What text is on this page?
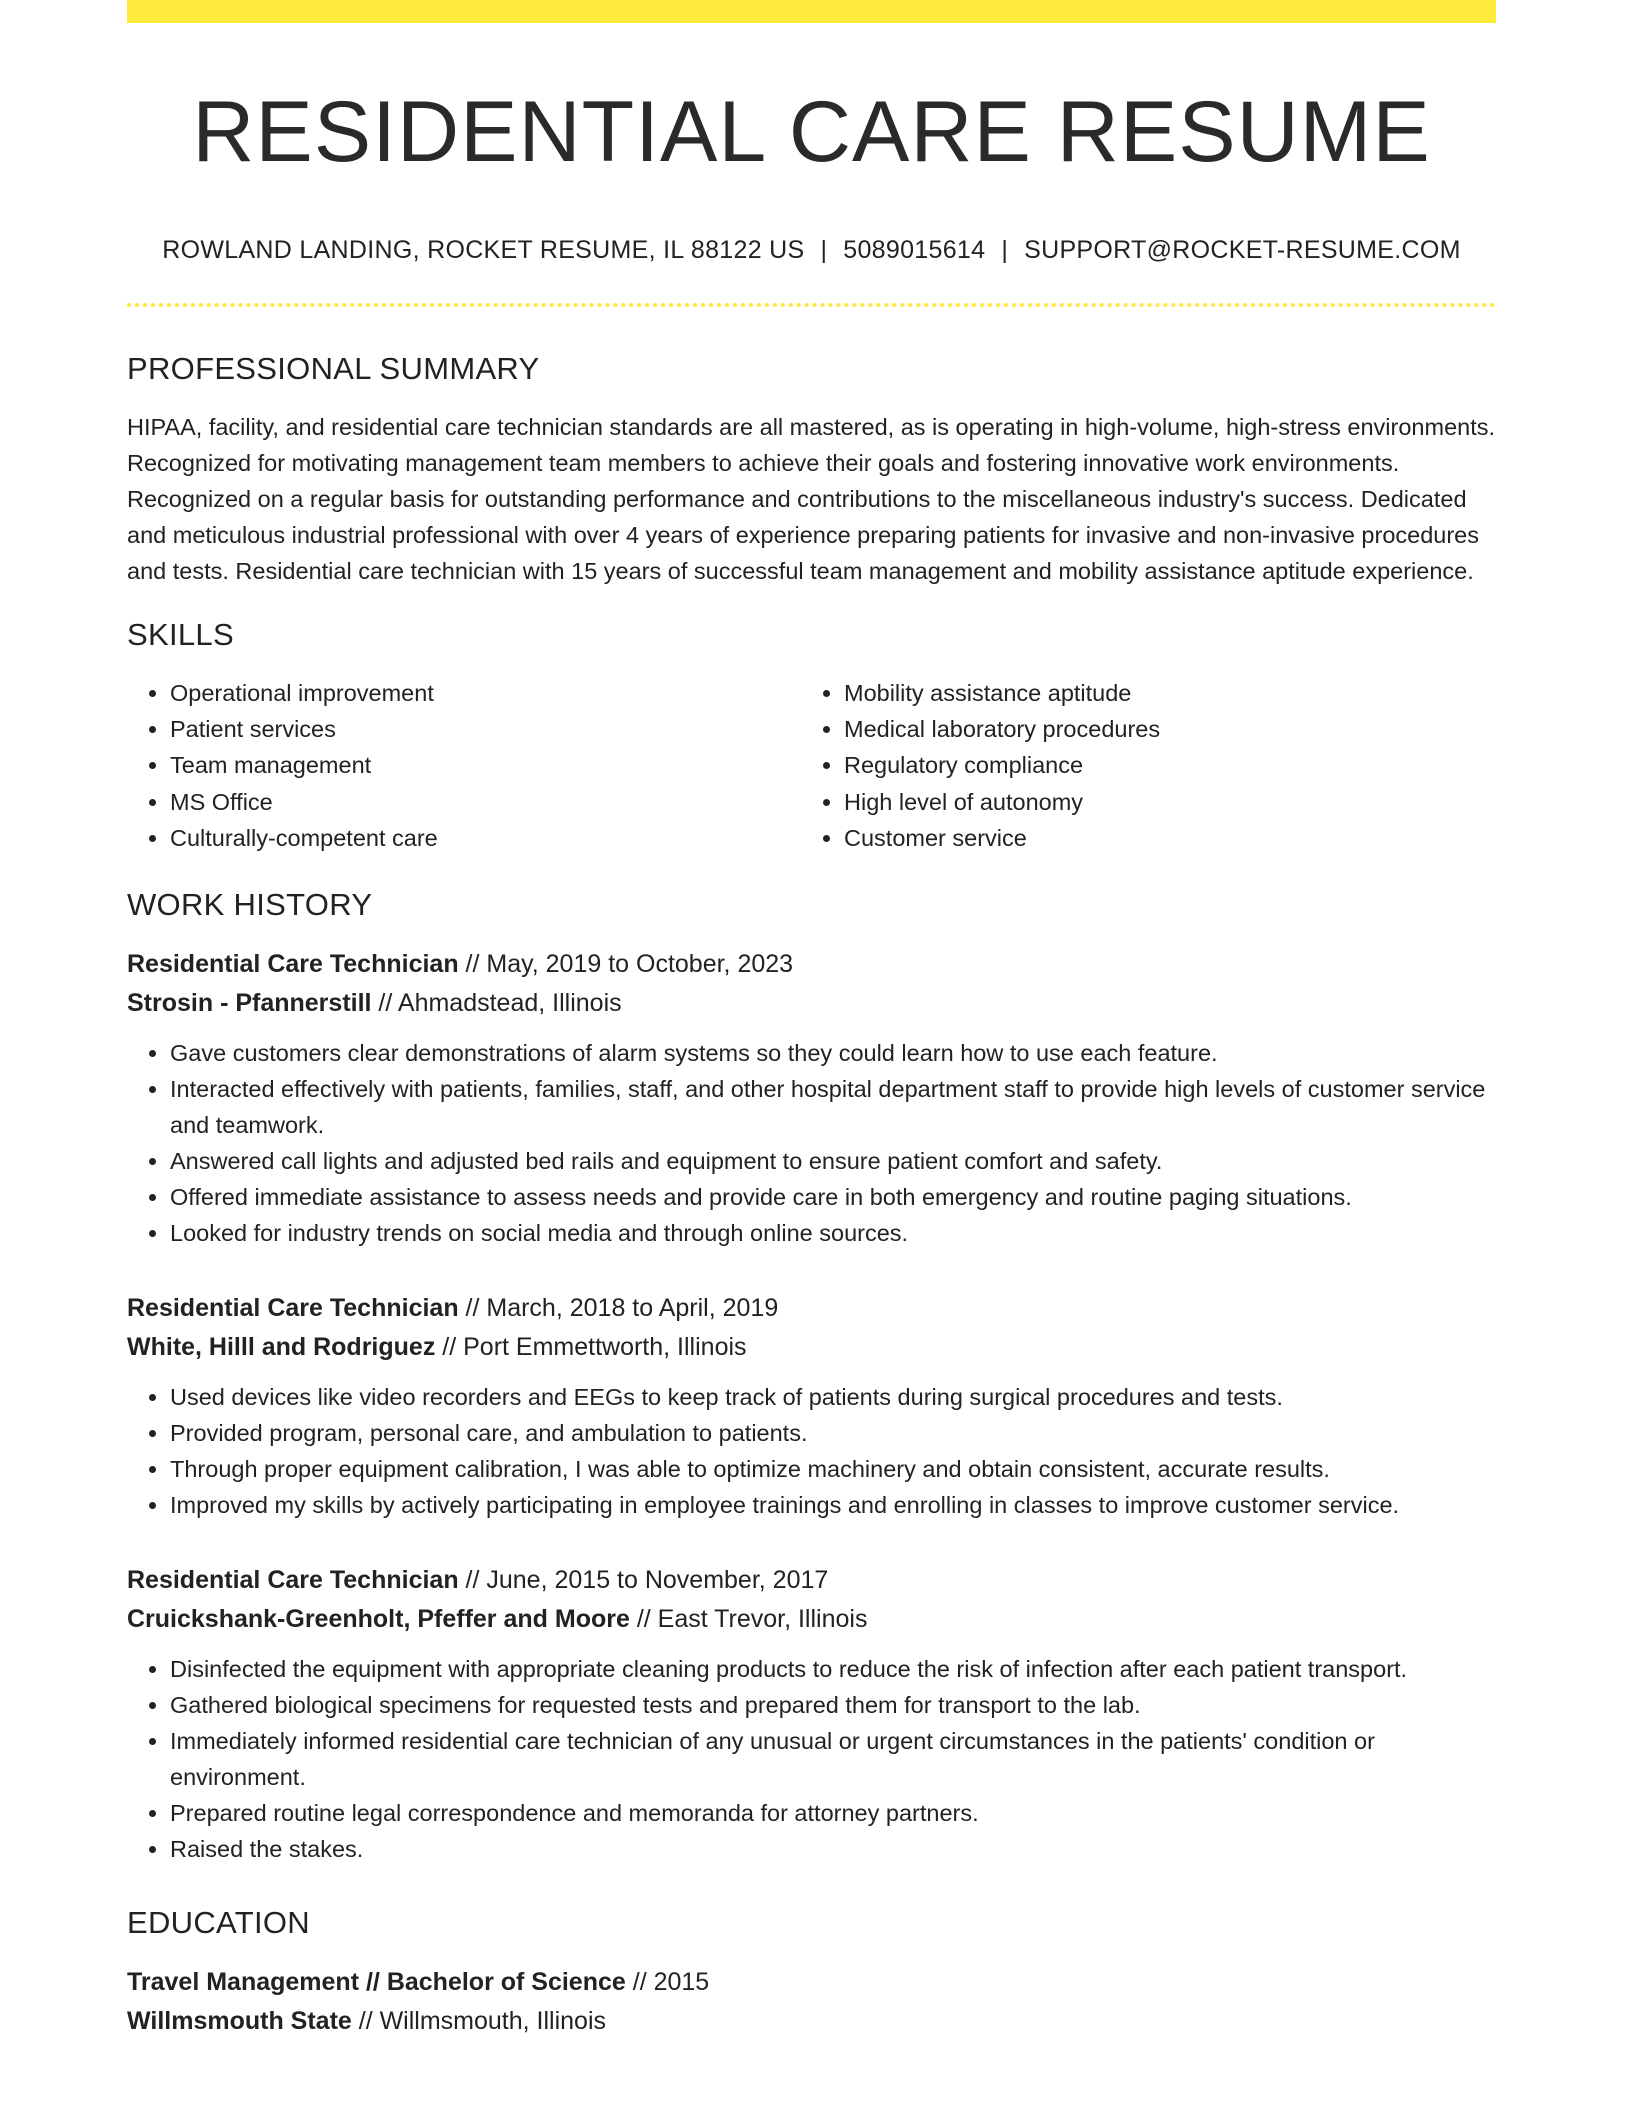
RESIDENTIAL CARE RESUME
ROWLAND LANDING, ROCKET RESUME, IL 88122 US | 5089015614 | SUPPORT@ROCKET-RESUME.COM
PROFESSIONAL SUMMARY

HIPAA, facility, and residential care technician standards are all mastered, as is operating in high-volume, high-stress environments. Recognized for motivating management team members to achieve their goals and fostering innovative work environments. Recognized on a regular basis for outstanding performance and contributions to the miscellaneous industry's success. Dedicated and meticulous industrial professional with over 4 years of experience preparing patients for invasive and non-invasive procedures and tests. Residential care technician with 15 years of successful team management and mobility assistance aptitude experience.

SKILLS
• Operational improvement
• Patient services
• Team management
• MS Office
• Culturally-competent care
• Mobility assistance aptitude
• Medical laboratory procedures
• Regulatory compliance
• High level of autonomy
• Customer service
WORK HISTORY
Residential Care Technician // May, 2019 to October, 2023
Strosin - Pfannerstill // Ahmadstead, Illinois
• Gave customers clear demonstrations of alarm systems so they could learn how to use each feature.
• Interacted effectively with patients, families, staff, and other hospital department staff to provide high levels of customer service and teamwork.
• Answered call lights and adjusted bed rails and equipment to ensure patient comfort and safety.
• Offered immediate assistance to assess needs and provide care in both emergency and routine paging situations.
• Looked for industry trends on social media and through online sources.
Residential Care Technician // March, 2018 to April, 2019
White, Hilll and Rodriguez // Port Emmettworth, Illinois
• Used devices like video recorders and EEGs to keep track of patients during surgical procedures and tests.
• Provided program, personal care, and ambulation to patients.
• Through proper equipment calibration, I was able to optimize machinery and obtain consistent, accurate results.
• Improved my skills by actively participating in employee trainings and enrolling in classes to improve customer service.
Residential Care Technician // June, 2015 to November, 2017
Cruickshank-Greenholt, Pfeffer and Moore // East Trevor, Illinois
• Disinfected the equipment with appropriate cleaning products to reduce the risk of infection after each patient transport.
• Gathered biological specimens for requested tests and prepared them for transport to the lab.
• Immediately informed residential care technician of any unusual or urgent circumstances in the patients' condition or environment.
• Prepared routine legal correspondence and memoranda for attorney partners.
• Raised the stakes.
EDUCATION
Travel Management // Bachelor of Science // 2015
Willmsmouth State // Willmsmouth, Illinois
